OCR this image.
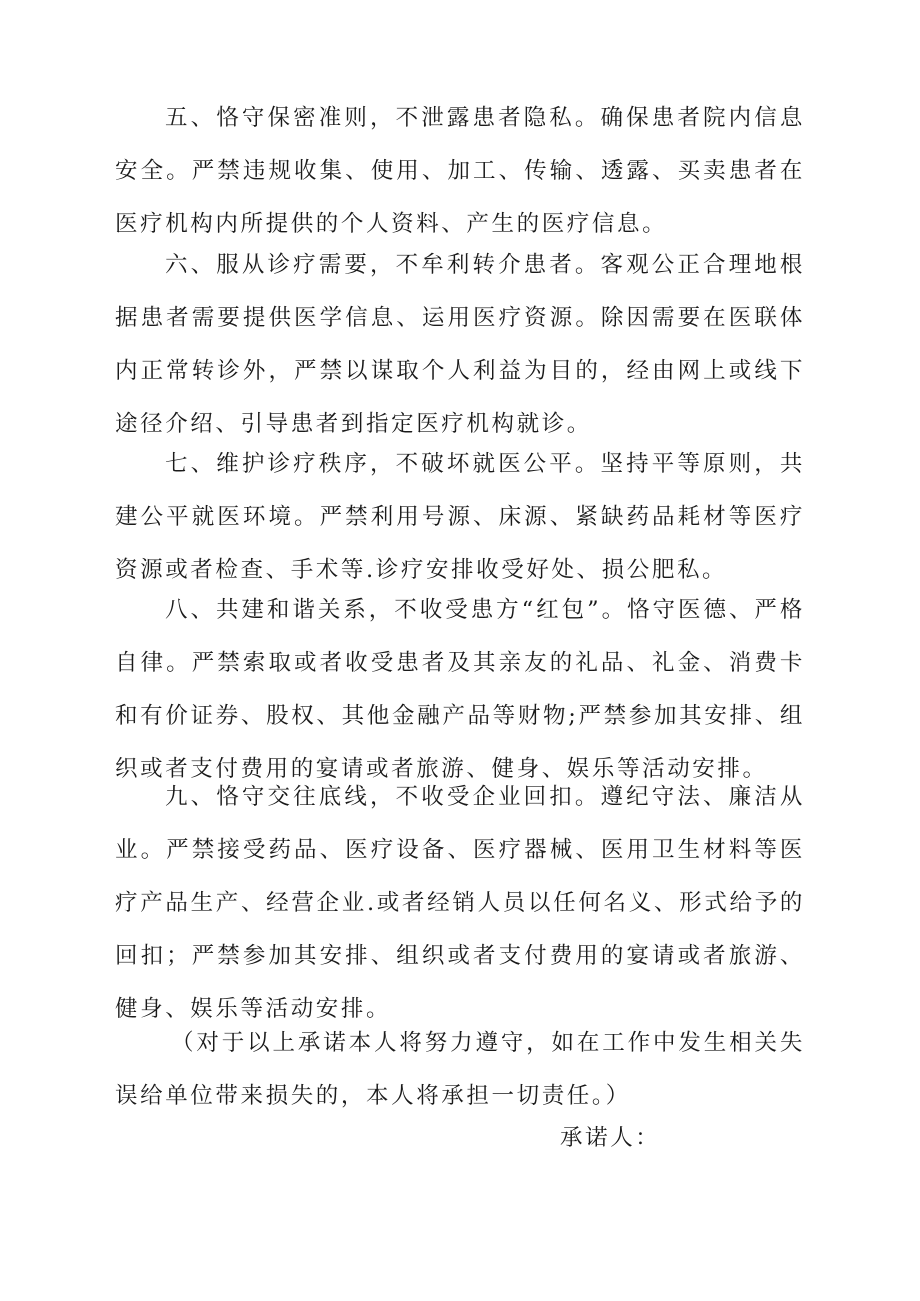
五、恪守保密准则，不泄露患者隐私。确保患者院内信息安全。严禁违规收集、使用、加工、传输、透露、买卖患者在医疗机构内所提供的个人资料、产生的医疗信息。

六、服从诊疗需要，不牟利转介患者。客观公正合理地根据患者需要提供医学信息、运用医疗资源。除因需要在医联体内正常转诊外，严禁以谋取个人利益为目的，经由网上或线下途径介绍、引导患者到指定医疗机构就诊。

七、维护诊疗秩序，不破坏就医公平。坚持平等原则，共建公平就医环境。严禁利用号源、床源、紧缺药品耗材等医疗资源或者检查、手术等.诊疗安排收受好处、损公肥私。

八、共建和谐关系，不收受患方“红包”。恪守医德、严格自律。严禁索取或者收受患者及其亲友的礼品、礼金、消费卡和有价证券、股权、其他金融产品等财物;严禁参加其安排、组织或者支付费用的宴请或者旅游、健身、娱乐等活动安排。

九、恪守交往底线，不收受企业回扣。遵纪守法、廉洁从业。严禁接受药品、医疗设备、医疗器械、医用卫生材料等医疗产品生产、经营企业.或者经销人员以任何名义、形式给予的回扣；严禁参加其安排、组织或者支付费用的宴请或者旅游、健身、娱乐等活动安排。

（对于以上承诺本人将努力遵守，如在工作中发生相关失误给单位带来损失的，本人将承担一切责任。）

承诺人：
